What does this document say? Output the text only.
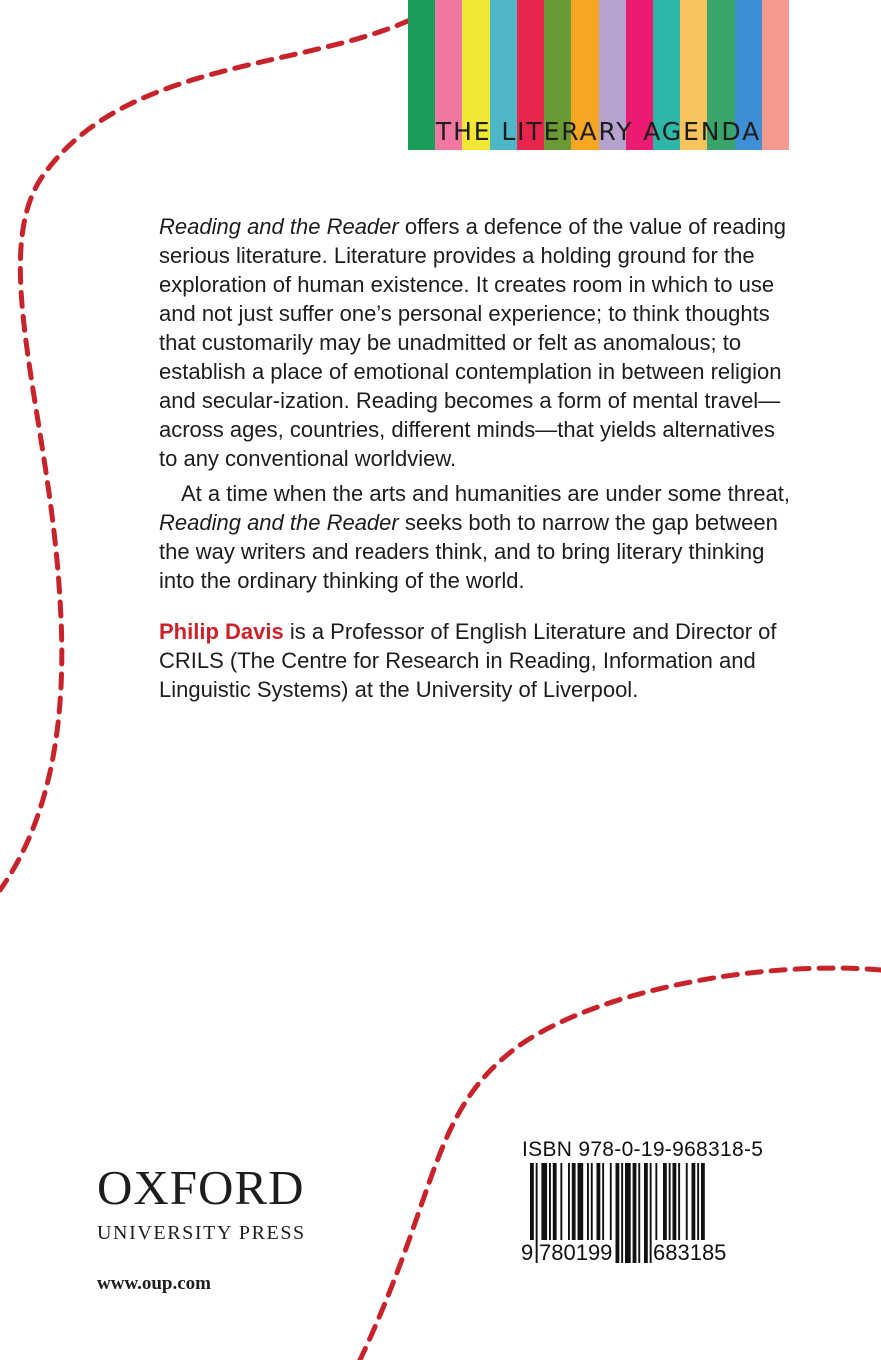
THE LITERARY AGENDA

Reading and the Reader offers a defence of the value of reading serious literature. Literature provides a holding ground for the exploration of human existence. It creates room in which to use and not just suffer one’s personal experience; to think thoughts that customarily may be unadmitted or felt as anomalous; to establish a place of emotional contemplation in between religion and secular-ization. Reading becomes a form of mental travel—across ages, countries, different minds—that yields alternatives to any conventional worldview.

At a time when the arts and humanities are under some threat, Reading and the Reader seeks both to narrow the gap between the way writers and readers think, and to bring literary thinking into the ordinary thinking of the world.

Philip Davis is a Professor of English Literature and Director of CRILS (The Centre for Research in Reading, Information and Linguistic Systems) at the University of Liverpool.

OXFORD
UNIVERSITY PRESS
www.oup.com
ISBN 978-0-19-968318-5
9 780199 683185
